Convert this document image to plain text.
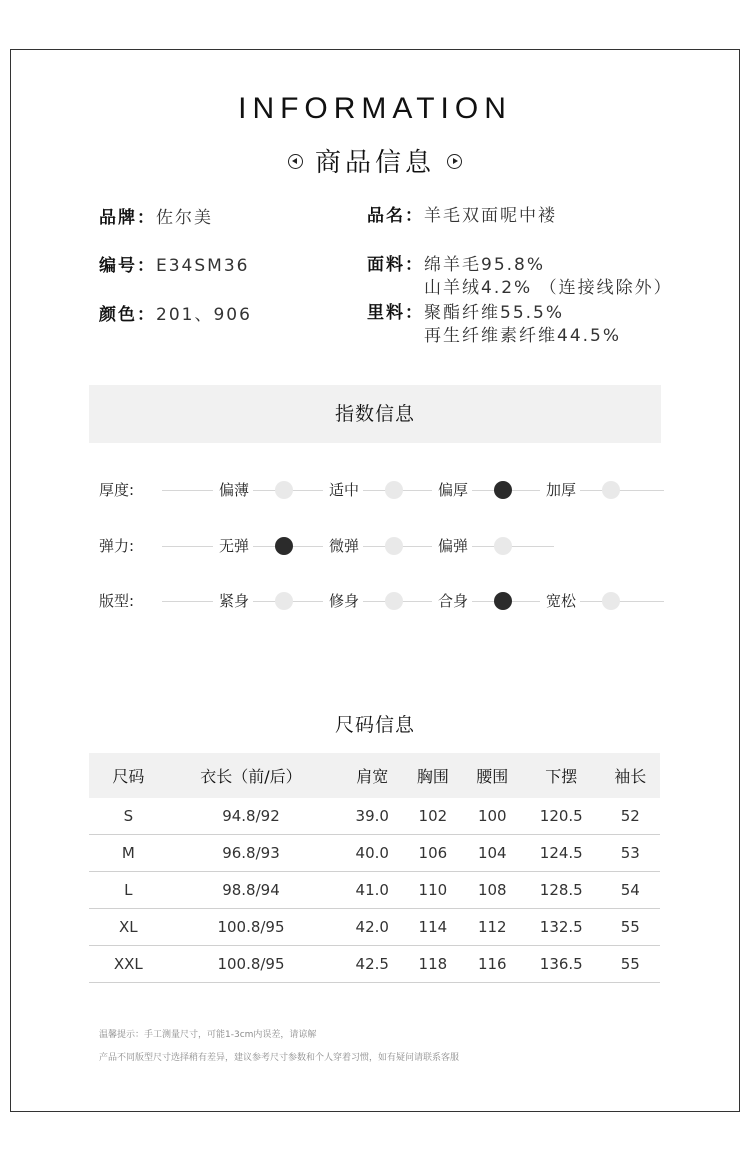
INFORMATION
商品信息
品牌：佐尔美	品名：羊毛双面呢中褛
编号：E34SM36	面料：绵羊毛95.8%
山羊绒4.2% （连接线除外）
颜色：201、906	里料：聚酯纤维55.5%
再生纤维素纤维44.5%
指数信息
厚度:	偏薄	适中	偏厚	加厚
弹力:	无弹	微弹	偏弹
版型:	紧身	修身	合身	宽松
尺码信息
尺码	衣长（前/后）	肩宽	胸围	腰围	下摆	袖长
S	94.8/92	39.0	102	100	120.5	52
M	96.8/93	40.0	106	104	124.5	53
L	98.8/94	41.0	110	108	128.5	54
XL	100.8/95	42.0	114	112	132.5	55
XXL	100.8/95	42.5	118	116	136.5	55
温馨提示：手工测量尺寸，可能1-3cm内误差，请谅解
产品不同版型尺寸选择稍有差异，建议参考尺寸参数和个人穿着习惯，如有疑问请联系客服
